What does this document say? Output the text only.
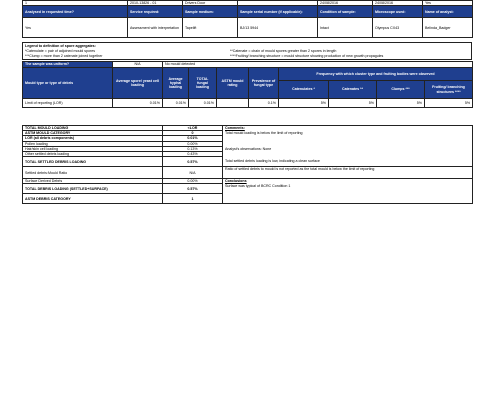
1	2010-13826 - 01	Drivers Door		24/08/2016	24/08/2016	Yes
Analysed in requested time?	Service required:	Sample medium:	Sample serial number (if applicable):	Condition of sample:	Microscope used:	Name of analyst:
Yes	Assessment with interpretation	Tapelift	BJ/13 5944	Intact	Olympus CX43	Belinda_Badger
Legend to definition of spore aggregates:	
*Catenulate = pair of adjoined mould spores	**Catenate = chain of mould spores greater than 2 spores in length
***Clump = more than 2 catenate joined together	****Fruiting/ branching structure = mould structure showing production of new growth propagules
The sample was uniform?	N/A	No mould detected							
Mould type or type of debris	Average spore/ yeast cell loading	Average hyphal loading	TOTAL fungal loading	ASTM mould rating	Prevalence of fungal type	Frequency with which cluster type and fruiting bodies were observed			
						Catenulates *	Catenates **	Clumps ***	Fruiting/ branching structures ****
Limit of reporting (LOR)	0.01%	0.01%	0.01%		0.1%	5%	5%	5%	5%
TOTAL MOULD LOADING	<LOR	Comments:
ASTM MOULD CATEGORY	0	Total mould loading is below the limit of reporting
LOR (all debris components)	0.01%	
Pollen loading	0.00%	
Hair/skin cell loading	0.13%	Analyst's observations: None
Other settled debris loading	0.43%	
TOTAL SETTLED DEBRIS LOADING	0.57%	Total settled debris loading is low, indicating a clean surface
Settled debris:Mould Ratio	N/A	Ratio of settled debris to mould is not reported as the total mould is below the limit of reporting
Surface Derived Debris	0.00%	Conclusions
TOTAL DEBRIS LOADING (SETTLED+SURFACE)	0.57%	Surface was typical of BCRC Condition 1
ASTM DEBRIS CATEGORY	1	
